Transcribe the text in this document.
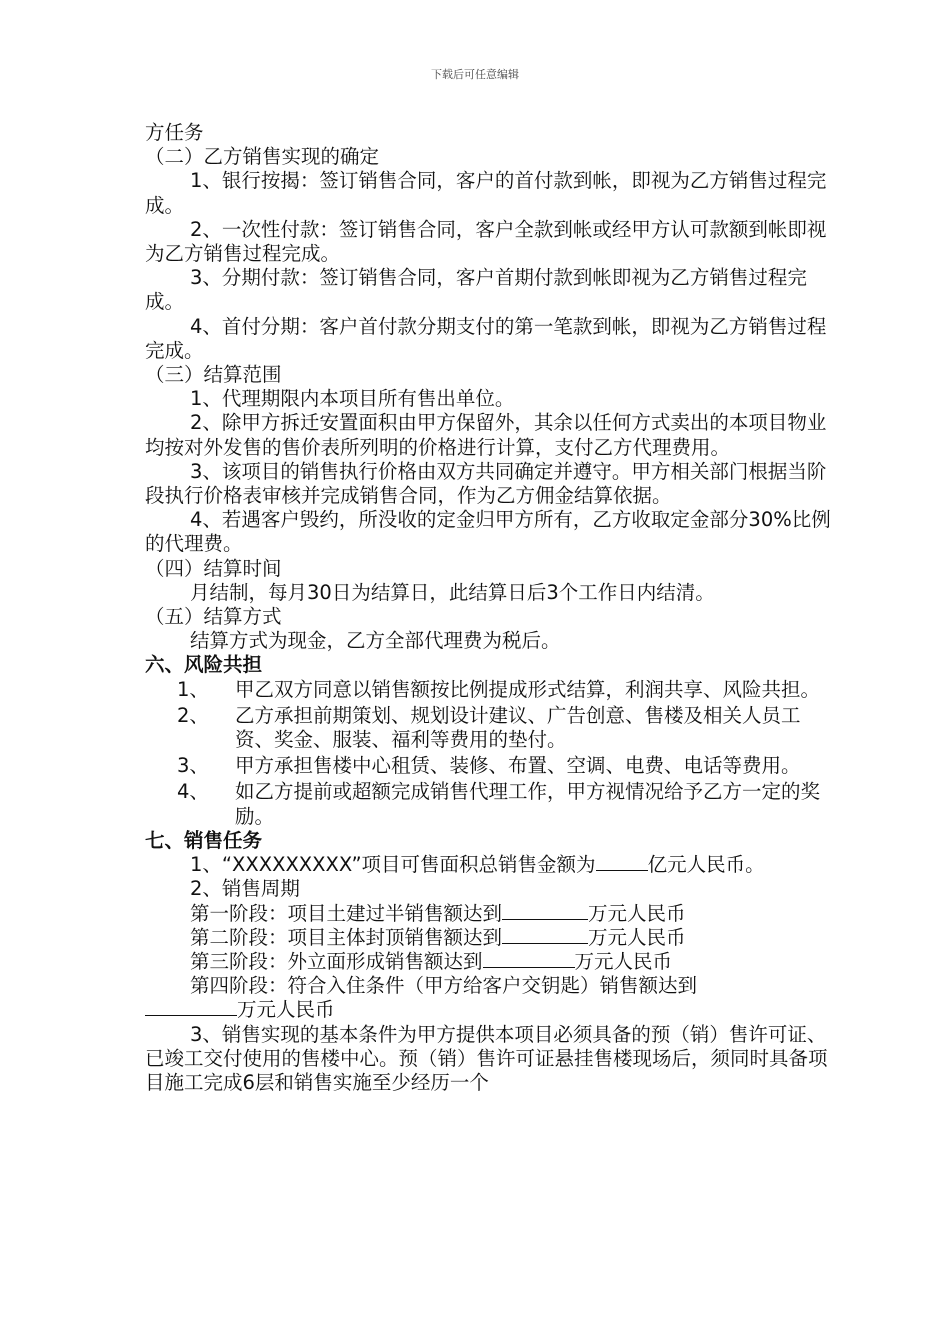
下载后可任意编辑

方任务

（二）乙方销售实现的确定

1、银行按揭：签订销售合同，客户的首付款到帐，即视为乙方销售过程完成。

2、一次性付款：签订销售合同，客户全款到帐或经甲方认可款额到帐即视为乙方销售过程完成。

3、分期付款：签订销售合同，客户首期付款到帐即视为乙方销售过程完成。

4、首付分期：客户首付款分期支付的第一笔款到帐，即视为乙方销售过程完成。

（三）结算范围

1、代理期限内本项目所有售出单位。

2、除甲方拆迁安置面积由甲方保留外，其余以任何方式卖出的本项目物业均按对外发售的售价表所列明的价格进行计算，支付乙方代理费用。

3、该项目的销售执行价格由双方共同确定并遵守。甲方相关部门根据当阶段执行价格表审核并完成销售合同，作为乙方佣金结算依据。

4、若遇客户毁约，所没收的定金归甲方所有，乙方收取定金部分30%比例的代理费。

（四）结算时间

月结制，每月30日为结算日，此结算日后3个工作日内结清。

（五）结算方式

结算方式为现金，乙方全部代理费为税后。

六、风险共担

1、	甲乙双方同意以销售额按比例提成形式结算，利润共享、风险共担。
2、	乙方承担前期策划、规划设计建议、广告创意、售楼及相关人员工资、奖金、服装、福利等费用的垫付。
3、	甲方承担售楼中心租赁、装修、布置、空调、电费、电话等费用。
4、	如乙方提前或超额完成销售代理工作，甲方视情况给予乙方一定的奖励。

七、销售任务

1、“XXXXXXXXX”项目可售面积总销售金额为	亿元人民币。

2、销售周期

第一阶段：项目土建过半销售额达到	万元人民币

第二阶段：项目主体封顶销售额达到	万元人民币

第三阶段：外立面形成销售额达到	万元人民币

第四阶段：符合入住条件（甲方给客户交钥匙）销售额达到
万元人民币

3、销售实现的基本条件为甲方提供本项目必须具备的预（销）售许可证、已竣工交付使用的售楼中心。预（销）售许可证悬挂售楼现场后，须同时具备项目施工完成6层和销售实施至少经历一个
